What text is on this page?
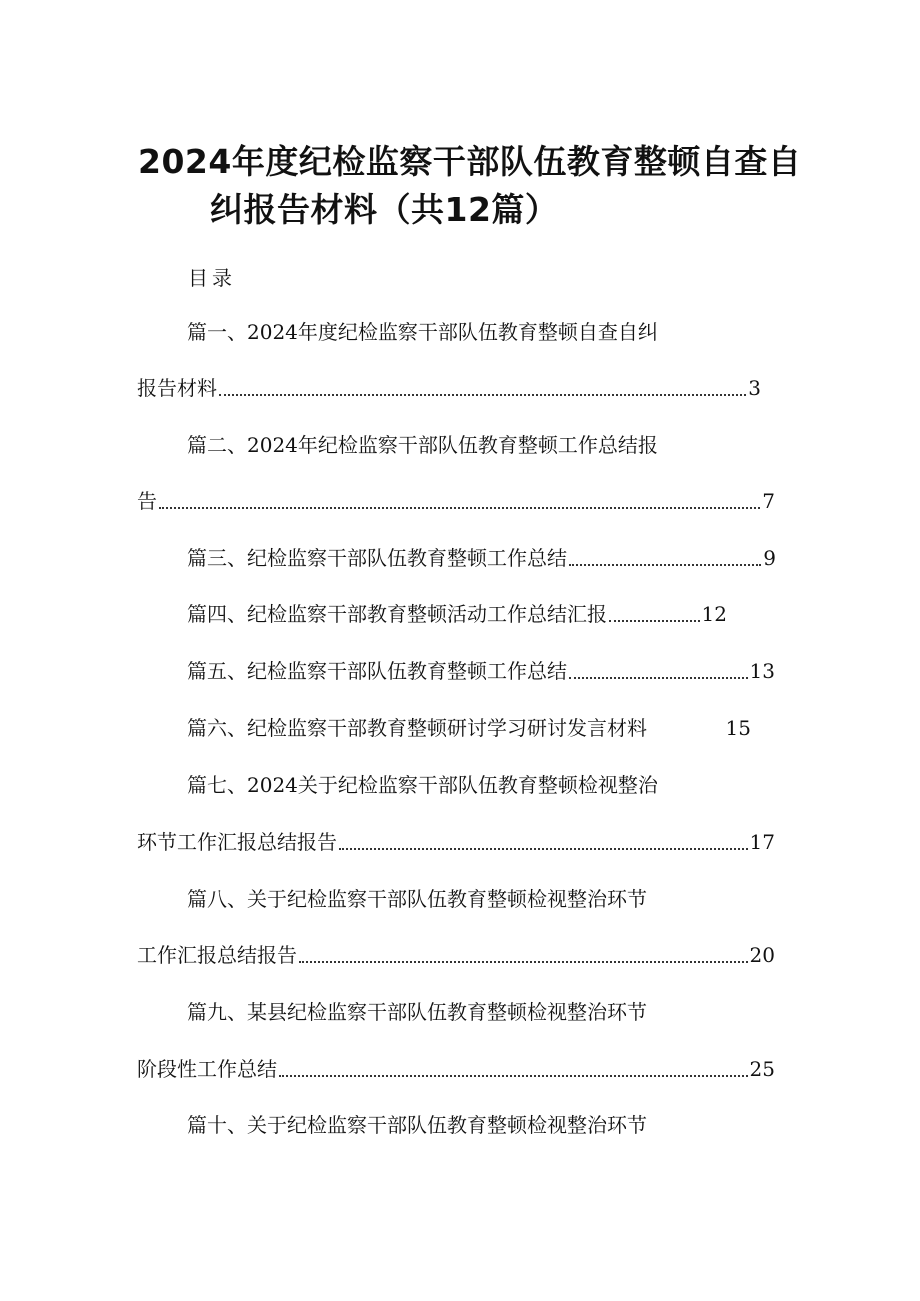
2024年度纪检监察干部队伍教育整顿自查自
纠报告材料（共12篇）
目录
篇一、2024年度纪检监察干部队伍教育整顿自查自纠
报告材料	3
篇二、2024年纪检监察干部队伍教育整顿工作总结报
告	7
篇三、纪检监察干部队伍教育整顿工作总结	9
篇四、纪检监察干部教育整顿活动工作总结汇报	12
篇五、纪检监察干部队伍教育整顿工作总结	13
篇六、纪检监察干部教育整顿研讨学习研讨发言材料	15
篇七、2024关于纪检监察干部队伍教育整顿检视整治
环节工作汇报总结报告	17
篇八、关于纪检监察干部队伍教育整顿检视整治环节
工作汇报总结报告	20
篇九、某县纪检监察干部队伍教育整顿检视整治环节
阶段性工作总结	25
篇十、关于纪检监察干部队伍教育整顿检视整治环节
